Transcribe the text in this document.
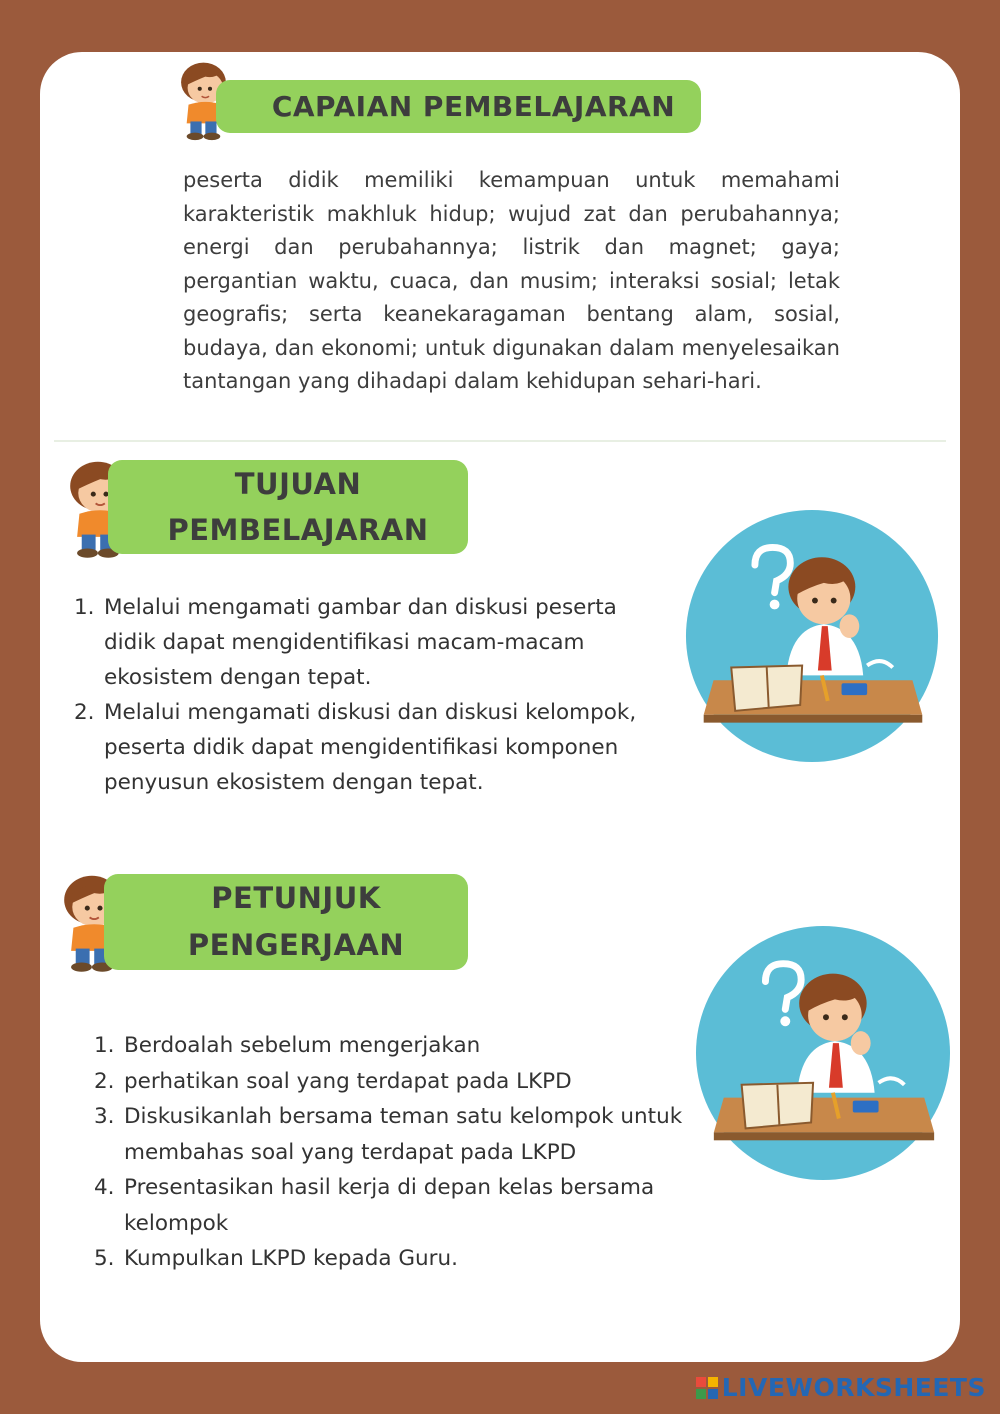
CAPAIAN PEMBELAJARAN
peserta didik memiliki kemampuan untuk memahami karakteristik makhluk hidup; wujud zat dan perubahannya; energi dan perubahannya; listrik dan magnet; gaya; pergantian waktu, cuaca, dan musim; interaksi sosial; letak geografis; serta keanekaragaman bentang alam, sosial, budaya, dan ekonomi; untuk digunakan dalam menyelesaikan tantangan yang dihadapi dalam kehidupan sehari-hari.
TUJUAN
PEMBELAJARAN
1. Melalui mengamati gambar dan diskusi peserta didik dapat mengidentifikasi macam-macam ekosistem dengan tepat.
2. Melalui mengamati diskusi dan diskusi kelompok, peserta didik dapat mengidentifikasi komponen penyusun ekosistem dengan tepat.
PETUNJUK
PENGERJAAN
1. Berdoalah sebelum mengerjakan
2. perhatikan soal yang terdapat pada LKPD
3. Diskusikanlah bersama teman satu kelompok untuk membahas soal yang terdapat pada LKPD
4. Presentasikan hasil kerja di depan kelas bersama kelompok
5. Kumpulkan LKPD kepada Guru.
LIVEWORKSHEETS
